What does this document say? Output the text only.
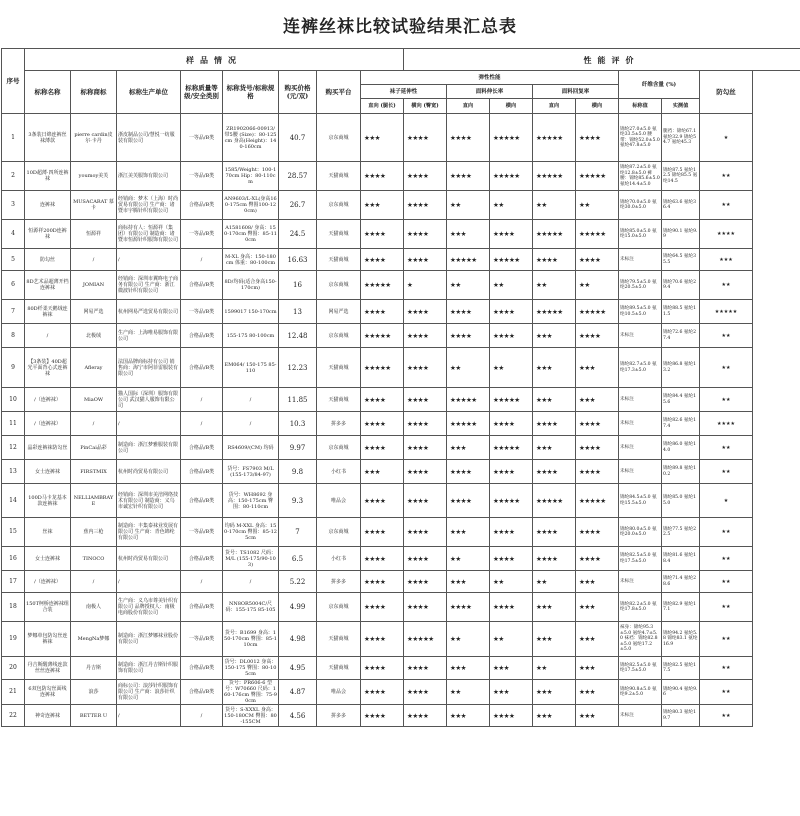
连裤丝袜比较试验结果汇总表
序号	样品情况								性能评价							
	标称名称	标称商标	标称生产单位	标称质量等级/安全类别	标称货号/标称规格	购买价格(元/双)	购买平台	弹性性能						纤维含量 (%)		防勾丝
								袜子延伸性		面料伸长率		面料回复率				
								直向 (腿长)	横向 (臀宽)	直向	横向	直向	横向	标称值	实测值	
1	3条装日绵连裤丝袜薄款	pierre cardin皮尔·卡丹	浙皮制品公司/慧悦一纺服装有限公司	一等品/B类	ZR1902066-00913/带5腰 (Size)：80-125cm 身高(Height)：140-160cm	40.7	京东商城	★★★	★★★★	★★★★	★★★★★	★★★★★	★★★★	锦纶27.0±5.0 氨纶33.5±5.0 腰带：锦纶52.0±5.0 氨纶47.8±5.0	腿裆：锦纶67.1 氨纶32.9 锦纶54.7 氨纶45.3	★
2	10D超薄·四所连裤袜	youmoy美芙	浙江美芙服饰有限公司	一等品/B类	1585/Weight：100-170cm Hip：80-110cm	28.57	天猫商城	★★★★	★★★★	★★★★	★★★★★	★★★★★	★★★★★	锦纶87.2±5.0 氨纶12.8±5.0 裤腰：锦纶85.6±5.0 氨纶14.4±5.0	锦纶87.5 氨纶12.5 锦纶85.5 氨纶14.5	★★
3	连裤袜	MUSACARAT 慕卡	经销商：梦木（上海）时尚贸易有限公司 生产商：诸暨市宇腾针织有限公司	合格品/B类	AN9603/L-XL(身高160-175cm 臀围100-120cm)	26.7	京东商城	★★★	★★★★	★★	★★	★★	★★	锦纶70.0±5.0 氨纶30.0±5.0	锦纶63.6 氨纶36.4	★★
4	恒源祥200D连裤袜	恒源祥	商标持有人：恒源祥（集团）有限公司 制造商：诸暨市恒源针织服饰有限公司	一等品/B类	A1581608/ 身高：150-170cm 臀围：85-110cm	24.5	天猫商城	★★★★	★★★★	★★★	★★★★	★★★★★	★★★★★	锦纶85.0±5.0 氨纶15.0±5.0	锦纶90.1 氨纶9.9	★★★★
5	防勾丝	/	/	/	M-XL 身高：150-180cm 体重：80-100cm	16.63	天猫商城	★★★★	★★★★	★★★★★	★★★★★	★★★★	★★★★	未标注	锦纶64.5 氨纶35.5	★★★
6	8D艺术品超薄开档连裤袜	JOMIAN	经销商：深圳市翼咚电子商务有限公司 生产商：浙江微波针织有限公司	合格品/B类	8D/均码(适合身高150-170cm)	16	京东商城	★★★★★	★	★★	★★	★★	★★	锦纶79.5±5.0 氨纶20.5±5.0	锦纶70.6 氨纶29.4	★★
7	80D纤柔天鹅绒连裤袜	网易严选	杭州网易严选贸易有限公司	一等品/B类	1599017 150-170cm	13	网易严选	★★★★	★★★★	★★★★	★★★★	★★★★★	★★★★★	锦纶89.5±5.0 氨纶10.5±5.0	锦纶88.5 氨纶11.5	★★★★★
8	/	北极绒	生产商：上海唯易服饰有限公司	合格品/B类	155-175 80-100cm	12.48	京东商城	★★★★★	★★★★	★★★★	★★★★	★★★	★★★★	未标注	锦纶72.6 氨纶27.4	★★
9	【3条装】40D超光平面背心式连裤袜	Afleray	法国品牌商标持有公司 销售商：海宁市阿菲雷服装有限公司	合格品/B类	EM064/ 150-175 85-110	12.23	天猫商城	★★★★★	★★★★	★★	★★	★★★	★★★	锦纶82.7±5.0 氨纶17.3±5.0	锦纶86.8 氨纶13.2	★★
10	/（连裤袜）	MiaOW	猫人国际（深圳）服饰有限公司 武汉猫人服饰有限公司	/	/	11.85	天猫商城	★★★★	★★★★	★★★★★	★★★★★	★★★	★★★	未标注	锦纶84.4 氨纶15.6	★★
11	/（连裤袜）	/	/	/	/	10.3	拼多多	★★★★	★★★★	★★★★★	★★★★	★★★★	★★★★	未标注	锦纶82.6 氨纶17.4	★★★★
12	晶彩连裤袜防勾丝	PinCai品彩	制造商：浙江梦雅服装有限公司	合格品/B类	RS4609/(CM) 均码	9.97	京东商城	★★★★	★★★★	★★★	★★★★★	★★★	★★★★	未标注	锦纶86.0 氨纶14.0	★★
13	女士连裤袜	FIRSTMIX	杭州时尚贸易有限公司	合格品/B类	货号：FS7903 M/L (155-173/84-97)	9.8	小红书	★★★	★★★★	★★★★	★★★★	★★★★	★★★★	未标注	锦纶89.8 氨纶10.2	★★
14	100D马卡龙基本款连裤袜	NELLIAMBRAYE	经销商：深圳市美涪网络技术有限公司 制造商：义乌市诚宏针织有限公司	合格品/B类	货号：WH8692 身高：150-175cm 臀围：80-110cm	9.3	唯品会	★★★★	★★★★	★★★★	★★★★★	★★★★★	★★★★★	锦纶84.5±5.0 氨纶15.5±5.0	锦纶85.0 氨纶15.0	★
15	丝袜	蕉内三枪	制造商：丰集泰袜业发展有限公司 生产商：青色锦纶有限公司	一等品/B类	均码 M-XXL 身高：150-170cm 臀围：85-125cm	7	京东商城	★★★★	★★★★	★★★	★★★★	★★★★	★★★★	锦纶80.0±5.0 氨纶20.0±5.0	锦纶77.5 氨纶22.5	★★
16	女士连裤袜	TINOCO	杭州时尚贸易有限公司	合格品/B类	货号：TS1082 尺码：M/L (155-175/90-103)	6.5	小红书	★★★★	★★★★	★★	★★★★	★★★★	★★★★	锦纶82.5±5.0 氨纶17.5±5.0	锦纶81.6 氨纶18.4	★★
17	/（连裤袜）	/	/	/	/	5.22	拼多多	★★★★	★★★★	★★★	★★	★★	★★★	未标注	锦纶71.4 氨纶28.6	★★
18	150T柯桥连裤袜组合装	南极人	生产商：义乌市尊美针织有限公司 品牌授权人：南极电商股份有限公司	合格品/B类	NN8OR5004C/尺码：155-175 85-105	4.99	京东商城	★★★★	★★★★	★★★★	★★★★	★★★	★★★	锦纶82.2±5.0 氨纶17.8±5.0	锦纶82.9 氨纶17.1	★★
19	梦娜单包防勾丝连裤袜	MengNa梦娜	制造商：浙江梦娜袜业股份有限公司	一等品/B类	货号：B1699 身高：150-170cm 臀围：85-110cm	4.98	天猫商城	★★★★	★★★★★	★★	★★	★★★	★★★	袜身：锦纶95.3±5.0 氨纶4.7±5.0 袜裆：锦纶82.8±5.0 氨纶17.2±5.0	锦纶94.2 氨纶5.8 锦纶83.1 氨纶16.9	★★
20	丹吉斯醒薄线连款丝丝连裤袜	丹吉斯	制造商：浙江丹吉斯针织服饰有限公司	合格品/B类	货号：DL0012 身高：150-175 臀围：80-105cm	4.95	天猫商城	★★★★	★★★★	★★★	★★★	★★	★★★	锦纶82.5±5.0 氨纶17.5±5.0	锦纶82.5 氨纶17.5	★★
21	6双包防勾丝面线连裤袜	浪莎	商标公司：浪莎针织服饰有限公司 生产商：浪莎针织有限公司	合格品/B类	货号：PR606-6 型号：W70660 尺码：160-176cm 臀围：75-90cm	4.87	唯品会	★★★★	★★★★	★★	★★★	★★★	★★★	锦纶90.8±5.0 氨纶9.2±5.0	锦纶90.4 氨纶9.6	★★
22	神奇连裤袜	BETTER U	/	/	货号：S-XXXL 身高：150-180CM 臀围：80-155CM	4.56	拼多多	★★★★	★★★★	★★★	★★★★	★★★	★★★	未标注	锦纶80.3 氨纶19.7	★★
